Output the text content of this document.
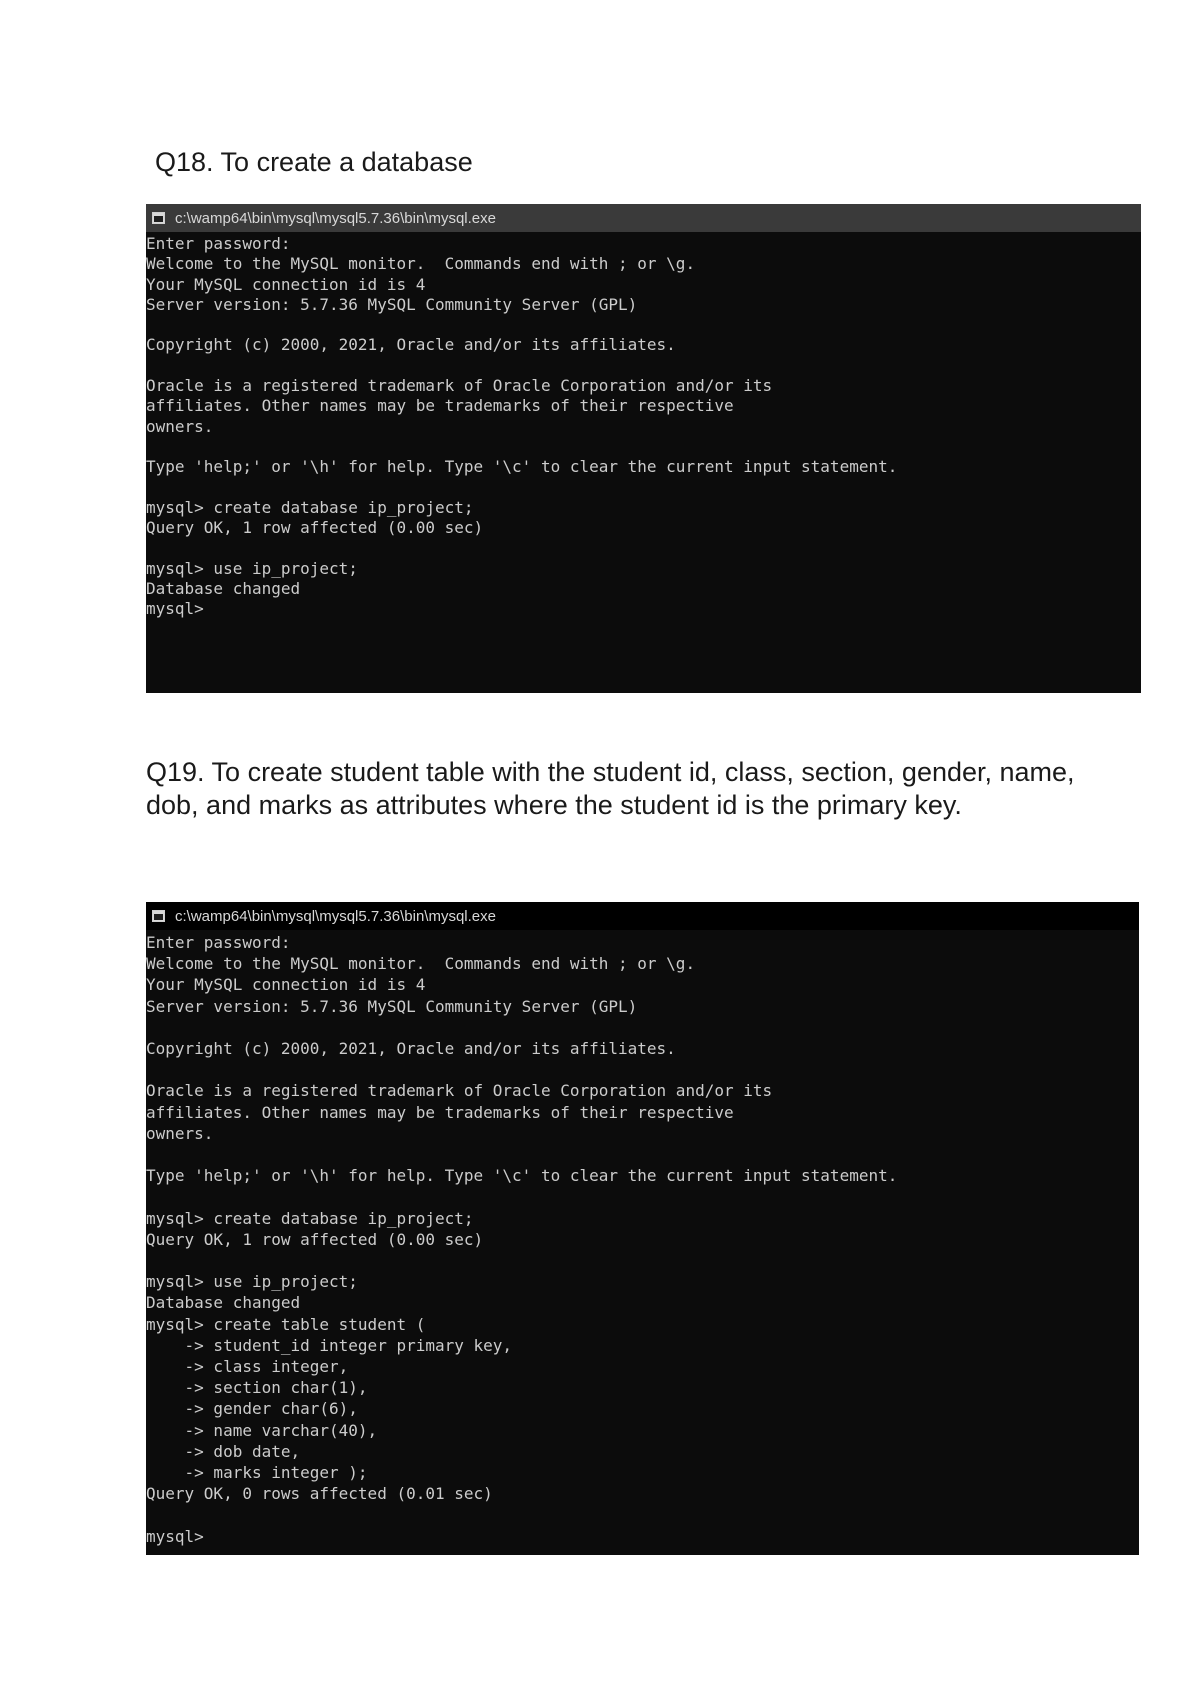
Q18. To create a database
c:\wamp64\bin\mysql\mysql5.7.36\bin\mysql.exe
Enter password:
Welcome to the MySQL monitor.  Commands end with ; or \g.
Your MySQL connection id is 4
Server version: 5.7.36 MySQL Community Server (GPL)

Copyright (c) 2000, 2021, Oracle and/or its affiliates.

Oracle is a registered trademark of Oracle Corporation and/or its
affiliates. Other names may be trademarks of their respective
owners.

Type 'help;' or '\h' for help. Type '\c' to clear the current input statement.

mysql> create database ip_project;
Query OK, 1 row affected (0.00 sec)

mysql> use ip_project;
Database changed
mysql>
Q19. To create student table with the student id, class, section, gender, name, dob, and marks as attributes where the student id is the primary key.
c:\wamp64\bin\mysql\mysql5.7.36\bin\mysql.exe
Enter password:
Welcome to the MySQL monitor.  Commands end with ; or \g.
Your MySQL connection id is 4
Server version: 5.7.36 MySQL Community Server (GPL)

Copyright (c) 2000, 2021, Oracle and/or its affiliates.

Oracle is a registered trademark of Oracle Corporation and/or its
affiliates. Other names may be trademarks of their respective
owners.

Type 'help;' or '\h' for help. Type '\c' to clear the current input statement.

mysql> create database ip_project;
Query OK, 1 row affected (0.00 sec)

mysql> use ip_project;
Database changed
mysql> create table student (
-> student_id integer primary key,
-> class integer,
-> section char(1),
-> gender char(6),
-> name varchar(40),
-> dob date,
-> marks integer );
Query OK, 0 rows affected (0.01 sec)

mysql>
